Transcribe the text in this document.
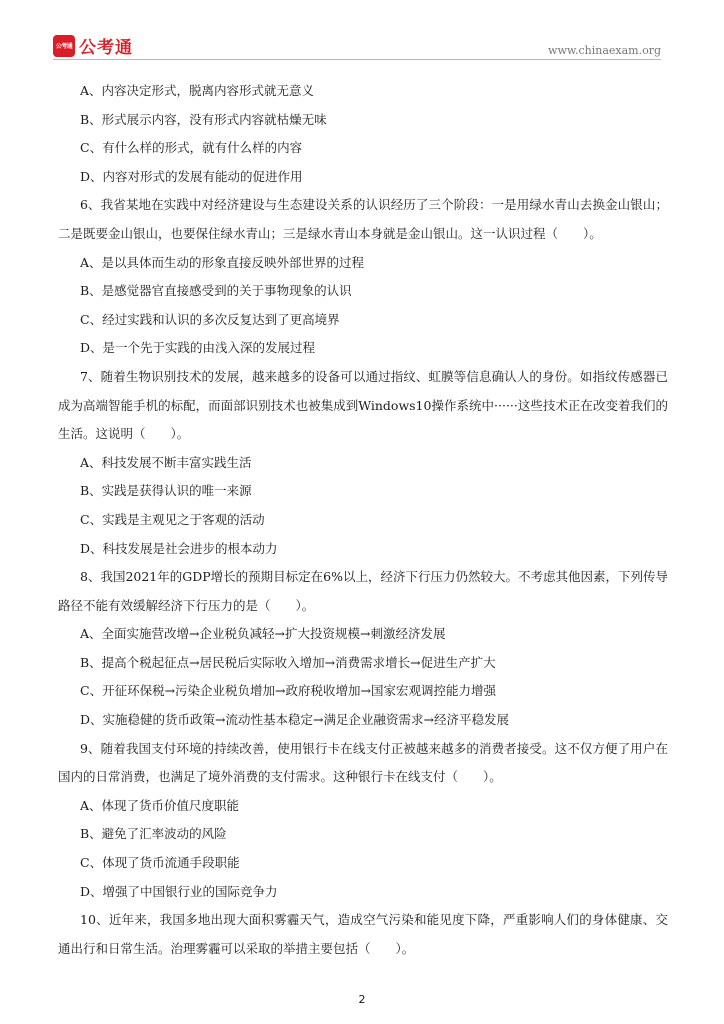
公考通 公考通	www.chinaexam.org
A、内容决定形式，脱离内容形式就无意义
B、形式展示内容，没有形式内容就枯燥无味
C、有什么样的形式，就有什么样的内容
D、内容对形式的发展有能动的促进作用
6、我省某地在实践中对经济建设与生态建设关系的认识经历了三个阶段：一是用绿水青山去换金山银山；二是既要金山银山，也要保住绿水青山；三是绿水青山本身就是金山银山。这一认识过程（　　）。
A、是以具体而生动的形象直接反映外部世界的过程
B、是感觉器官直接感受到的关于事物现象的认识
C、经过实践和认识的多次反复达到了更高境界
D、是一个先于实践的由浅入深的发展过程
7、随着生物识别技术的发展，越来越多的设备可以通过指纹、虹膜等信息确认人的身份。如指纹传感器已成为高端智能手机的标配，而面部识别技术也被集成到Windows10操作系统中······这些技术正在改变着我们的生活。这说明（　　）。
A、科技发展不断丰富实践生活
B、实践是获得认识的唯一来源
C、实践是主观见之于客观的活动
D、科技发展是社会进步的根本动力
8、我国2021年的GDP增长的预期目标定在6%以上，经济下行压力仍然较大。不考虑其他因素，下列传导路径不能有效缓解经济下行压力的是（　　）。
A、全面实施营改增→企业税负减轻→扩大投资规模→刺激经济发展
B、提高个税起征点→居民税后实际收入增加→消费需求增长→促进生产扩大
C、开征环保税→污染企业税负增加→政府税收增加→国家宏观调控能力增强
D、实施稳健的货币政策→流动性基本稳定→满足企业融资需求→经济平稳发展
9、随着我国支付环境的持续改善，使用银行卡在线支付正被越来越多的消费者接受。这不仅方便了用户在国内的日常消费，也满足了境外消费的支付需求。这种银行卡在线支付（　　）。
A、体现了货币价值尺度职能
B、避免了汇率波动的风险
C、体现了货币流通手段职能
D、增强了中国银行业的国际竞争力
10、近年来，我国多地出现大面积雾霾天气，造成空气污染和能见度下降，严重影响人们的身体健康、交通出行和日常生活。治理雾霾可以采取的举措主要包括（　　）。
2
